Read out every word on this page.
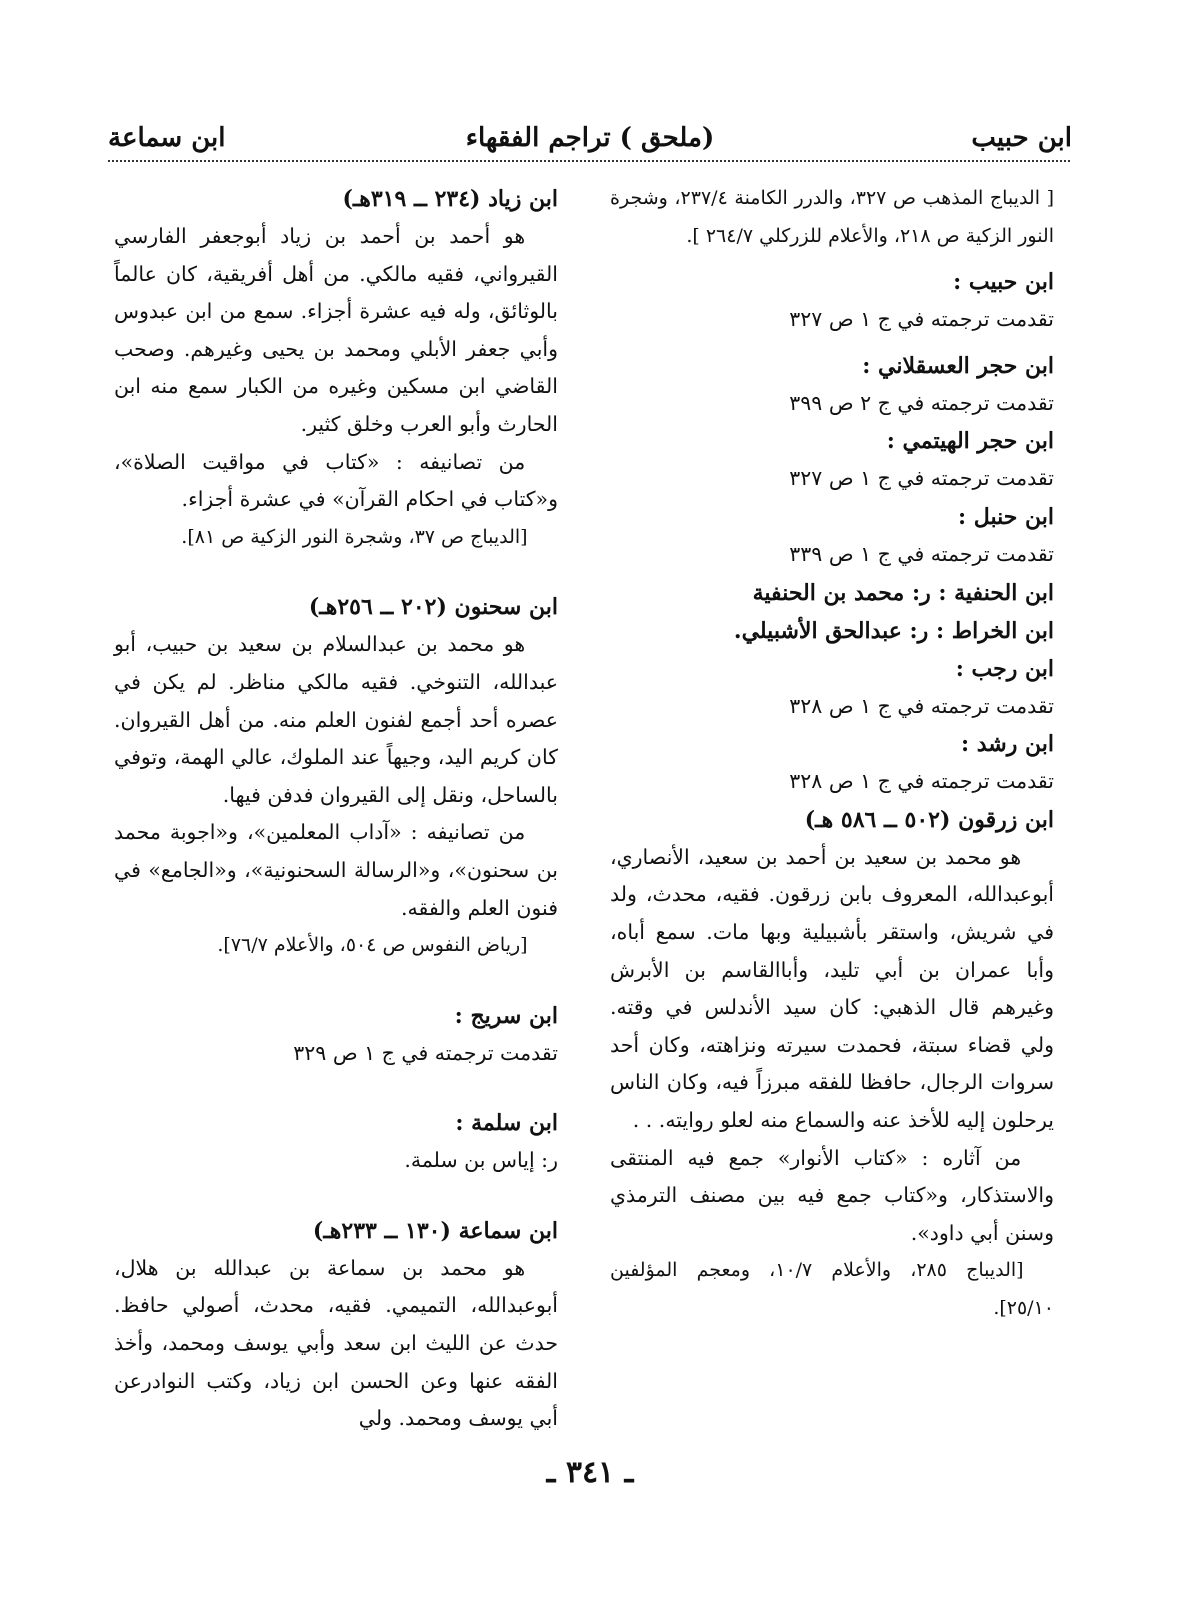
ابن حبيب
(ملحق ) تراجم الفقهاء
ابن سماعة

[ الديباج المذهب ص ٣٢٧، والدرر الكامنة ٢٣٧/٤، وشجرة النور الزكية ص ٢١٨، والأعلام للزركلي ٢٦٤/٧ ].

ابن حبيب :

تقدمت ترجمته في ج ١ ص ٣٢٧

ابن حجر العسقلاني :

تقدمت ترجمته في ج ٢ ص ٣٩٩

ابن حجر الهيتمي :

تقدمت ترجمته في ج ١ ص ٣٢٧

ابن حنبل :

تقدمت ترجمته في ج ١ ص ٣٣٩

ابن الحنفية : ر: محمد بن الحنفية

ابن الخراط : ر: عبدالحق الأشبيلي.

ابن رجب :

تقدمت ترجمته في ج ١ ص ٣٢٨

ابن رشد :

تقدمت ترجمته في ج ١ ص ٣٢٨

ابن زرقون (٥٠٢ ــ ٥٨٦ هـ)

هو محمد بن سعيد بن أحمد بن سعيد، الأنصاري، أبوعبدالله، المعروف بابن زرقون. فقيه، محدث، ولد في شريش، واستقر بأشبيلية وبها مات. سمع أباه، وأبا عمران بن أبي تليد، وأباالقاسم بن الأبرش وغيرهم قال الذهبي: كان سيد الأندلس في وقته. ولي قضاء سبتة، فحمدت سيرته ونزاهته، وكان أحد سروات الرجال، حافظا للفقه مبرزاً فيه، وكان الناس يرحلون إليه للأخذ عنه والسماع منه لعلو روايته. . .

من آثاره : «كتاب الأنوار» جمع فيه المنتقى والاستذكار، و«كتاب جمع فيه بين مصنف الترمذي وسنن أبي داود».

[الديباج ٢٨٥، والأعلام ١٠/٧، ومعجم المؤلفين ٢٥/١٠].

ابن زياد (٢٣٤ ــ ٣١٩هـ)

هو أحمد بن أحمد بن زياد أبوجعفر الفارسي القيرواني، فقيه مالكي. من أهل أفريقية، كان عالماً بالوثائق، وله فيه عشرة أجزاء. سمع من ابن عبدوس وأبي جعفر الأبلي ومحمد بن يحيى وغيرهم. وصحب القاضي ابن مسكين وغيره من الكبار سمع منه ابن الحارث وأبو العرب وخلق كثير.

من تصانيفه : «كتاب في مواقيت الصلاة»، و«كتاب في احكام القرآن» في عشرة أجزاء.

[الديباج ص ٣٧، وشجرة النور الزكية ص ٨١].

ابن سحنون (٢٠٢ ــ ٢٥٦هـ)

هو محمد بن عبدالسلام بن سعيد بن حبيب، أبو عبدالله، التنوخي. فقيه مالكي مناظر. لم يكن في عصره أحد أجمع لفنون العلم منه. من أهل القيروان. كان كريم اليد، وجيهاً عند الملوك، عالي الهمة، وتوفي بالساحل، ونقل إلى القيروان فدفن فيها.

من تصانيفه : «آداب المعلمين»، و«اجوبة محمد بن سحنون»، و«الرسالة السحنونية»، و«الجامع» في فنون العلم والفقه.

[رياض النفوس ص ٥٠٤، والأعلام ٧٦/٧].

ابن سريج :

تقدمت ترجمته في ج ١ ص ٣٢٩

ابن سلمة :

ر: إياس بن سلمة.

ابن سماعة (١٣٠ ــ ٢٣٣هـ)

هو محمد بن سماعة بن عبدالله بن هلال، أبوعبدالله، التميمي. فقيه، محدث، أصولي حافظ. حدث عن الليث ابن سعد وأبي يوسف ومحمد، وأخذ الفقه عنها وعن الحسن ابن زياد، وكتب النوادرعن أبي يوسف ومحمد. ولي

ـ ٣٤١ ـ
